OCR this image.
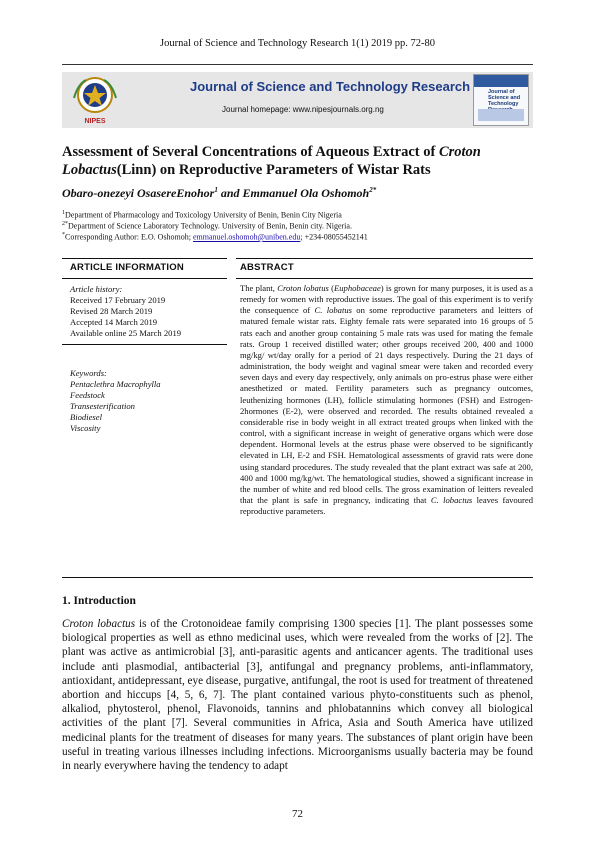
Journal of Science and Technology Research 1(1) 2019 pp. 72-80
NIPES
Journal of Science and Technology Research
Journal homepage: www.nipesjournals.org.ng
Journal of
Science and
Technology
Assessment of Several Concentrations of Aqueous Extract of Croton Lobactus(Linn) on Reproductive Parameters of Wistar Rats
Obaro-onezeyi OsasereEnohor$^1$ and Emmanuel Ola Oshomoh$^{2*}$
$^1$Department of Pharmacology and Toxicology University of Benin, Benin City Nigeria
$^{2*}$Department of Science Laboratory Technology. University of Benin, Benin city. Nigeria.
*Corresponding Author: E.O. Oshomoh; emmanuel.oshomoh@uniben.edu; +234-08055452141
ARTICLE INFORMATION
Article history:
Received 17 February 2019
Revised 28 March 2019
Accepted 14 March 2019
Available online 25 March 2019
Keywords:
Pentaclethra Macrophylla
Feedstock
Transesterification
Biodiesel
Viscosity
ABSTRACT
The plant, Croton lobatus (Euphobaceae) is grown for many purposes, it is used as a remedy for women with reproductive issues. The goal of this experiment is to verify the consequence of C. lobatus on some reproductive parameters and leitters of matured female wistar rats. Eighty female rats were separated into 16 groups of 5 rats each and another group containing 5 male rats was used for mating the female rats. Group 1 received distilled water; other groups received 200, 400 and 1000 mg/kg/ wt/day orally for a period of 21 days respectively. During the 21 days of administration, the body weight and vaginal smear were taken and recorded every seven days and every day respectively, only animals on pro-estrus phase were either anesthetized or mated. Fertility parameters such as pregnancy outcomes, leuthenizing hormones (LH), follicle stimulating hormones (FSH) and Estrogen-2hormones (E-2), were observed and recorded. The results obtained revealed a considerable rise in body weight in all extract treated groups when linked with the control, with a significant increase in weight of generative organs which were dose dependent. Hormonal levels at the estrus phase were observed to be significantly elevated in LH, E-2 and FSH. Hematological assessments of gravid rats were done using standard procedures. The study revealed that the plant extract was safe at 200, 400 and 1000 mg/kg/wt. The hematological studies, showed a significant increase in the number of white and red blood cells. The gross examination of leitters revealed that the plant is safe in pregnancy, indicating that C. lobactus leaves favoured reproductive parameters.
1. Introduction
Croton lobactus is of the Crotonoideae family comprising 1300 species [1]. The plant possesses some biological properties as well as ethno medicinal uses, which were revealed from the works of [2]. The plant was active as antimicrobial [3], anti-parasitic agents and anticancer agents. The traditional uses include anti plasmodial, antibacterial [3], antifungal and pregnancy problems, anti-inflammatory, antioxidant, antidepressant, eye disease, purgative, antifungal, the root is used for treatment of threatened abortion and hiccups [4, 5, 6, 7]. The plant contained various phyto-constituents such as phenol, alkaliod, phytosterol, phenol, Flavonoids, tannins and phlobatannins which convey all biological activities of the plant [7]. Several communities in Africa, Asia and South America have utilized medicinal plants for the treatment of diseases for many years. The substances of plant origin have been useful in treating various illnesses including infections. Microorganisms usually bacteria may be found in nearly everywhere having the tendency to adapt
72
